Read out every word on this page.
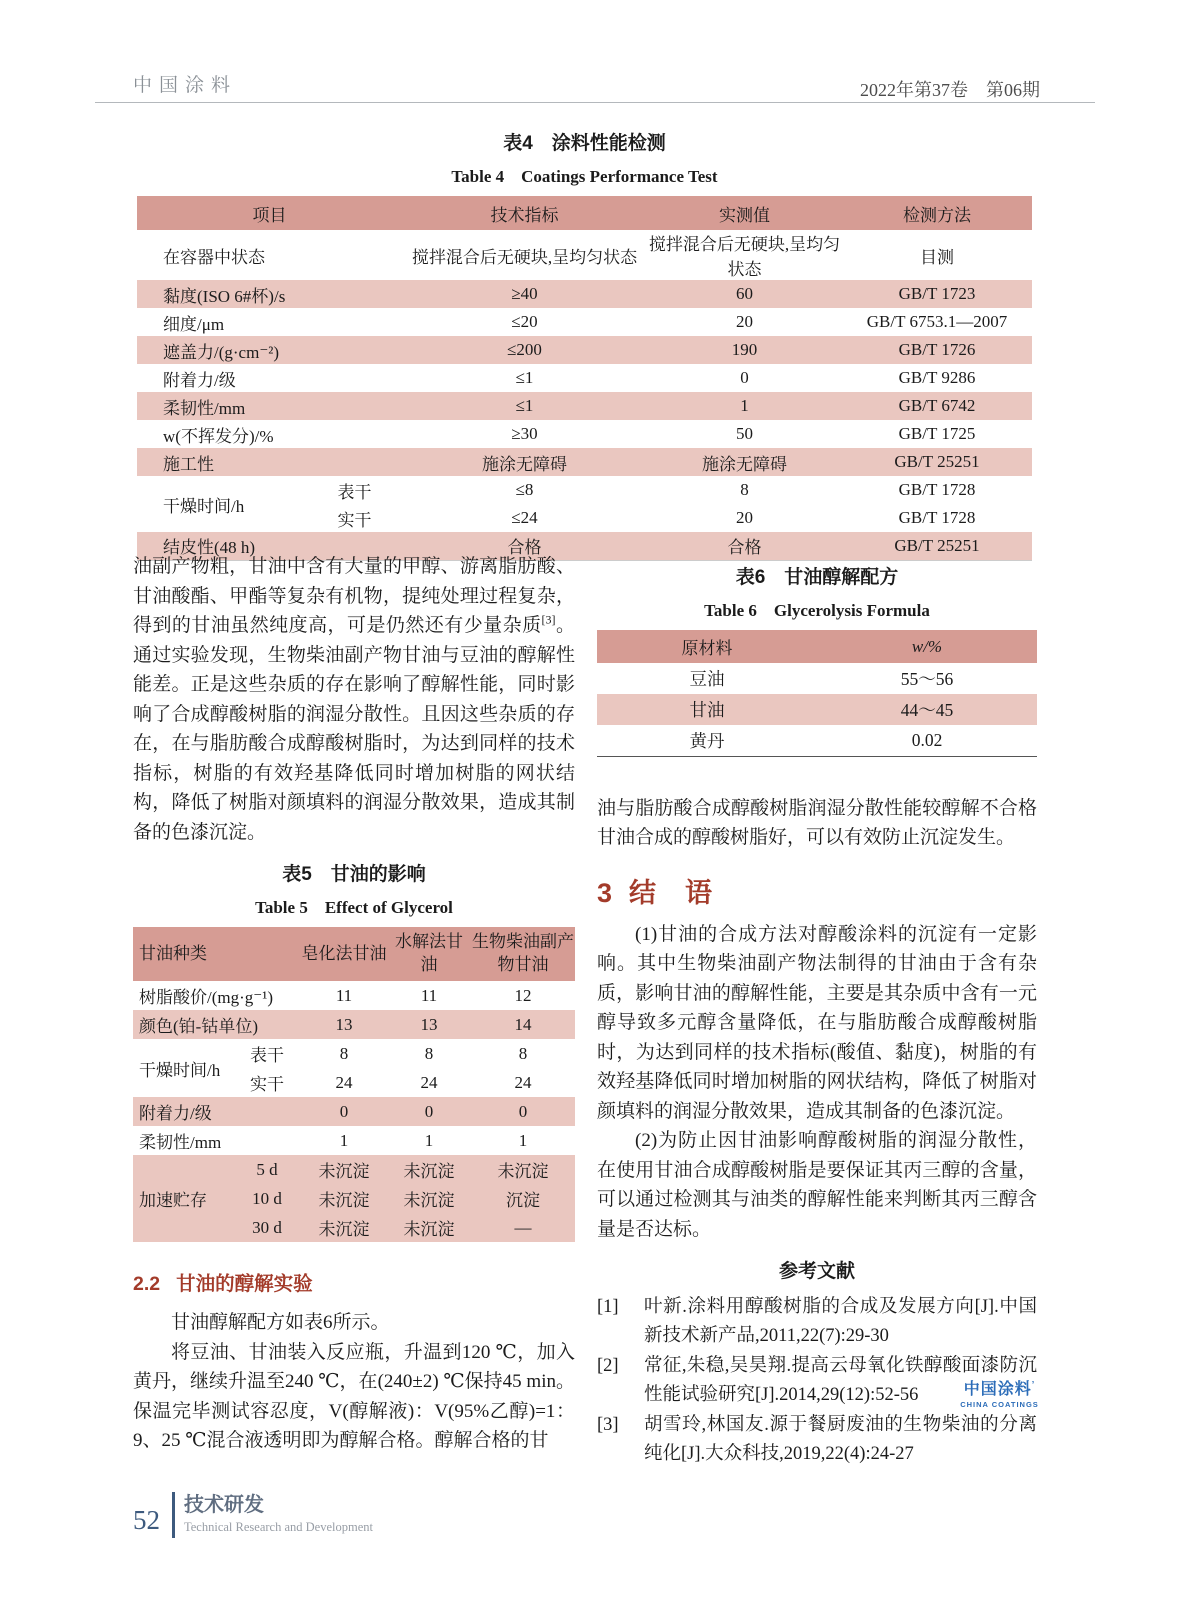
中国涂料	2022年第37卷　第06期
表4　涂料性能检测
Table 4　Coatings Performance Test
项目		技术指标	实测值	检测方法
在容器中状态		搅拌混合后无硬块,呈均匀状态	搅拌混合后无硬块,呈均匀状态	目测
黏度(ISO 6#杯)/s		≥40	60	GB/T 1723
细度/μm		≤20	20	GB/T 6753.1—2007
遮盖力/(g·cm⁻²)		≤200	190	GB/T 1726
附着力/级		≤1	0	GB/T 9286
柔韧性/mm		≤1	1	GB/T 6742
w(不挥发分)/%		≥30	50	GB/T 1725
施工性		施涂无障碍	施涂无障碍	GB/T 25251
干燥时间/h	表干	≤8	8	GB/T 1728
	实干	≤24	20	GB/T 1728
结皮性(48 h)		合格	合格	GB/T 25251

油副产物粗，甘油中含有大量的甲醇、游离脂肪酸、甘油酸酯、甲酯等复杂有机物，提纯处理过程复杂，得到的甘油虽然纯度高，可是仍然还有少量杂质[3]。通过实验发现，生物柴油副产物甘油与豆油的醇解性能差。正是这些杂质的存在影响了醇解性能，同时影响了合成醇酸树脂的润湿分散性。且因这些杂质的存在，在与脂肪酸合成醇酸树脂时，为达到同样的技术指标，树脂的有效羟基降低同时增加树脂的网状结构，降低了树脂对颜填料的润湿分散效果，造成其制备的色漆沉淀。

表5　甘油的影响
Table 5　Effect of Glycerol
甘油种类		皂化法甘油	水解法甘油	生物柴油副产物甘油
树脂酸价/(mg·g⁻¹)		11	11	12
颜色(铂-钴单位)		13	13	14
干燥时间/h	表干	8	8	8
	实干	24	24	24
附着力/级		0	0	0
柔韧性/mm		1	1	1
加速贮存	5 d	未沉淀	未沉淀	未沉淀
	10 d	未沉淀	未沉淀	沉淀
	30 d	未沉淀	未沉淀	—
2.2 甘油的醇解实验

甘油醇解配方如表6所示。

将豆油、甘油装入反应瓶，升温到120 ℃，加入黄丹，继续升温至240 ℃，在(240±2) ℃保持45 min。保温完毕测试容忍度，V(醇解液)：V(95%乙醇)=1：9、25 ℃混合液透明即为醇解合格。醇解合格的甘

表6　甘油醇解配方
Table 6　Glycerolysis Formula
原材料	w/%
豆油	55～56
甘油	44～45
黄丹	0.02

油与脂肪酸合成醇酸树脂润湿分散性能较醇解不合格甘油合成的醇酸树脂好，可以有效防止沉淀发生。

3 结　语

(1)甘油的合成方法对醇酸涂料的沉淀有一定影响。其中生物柴油副产物法制得的甘油由于含有杂质，影响甘油的醇解性能，主要是其杂质中含有一元醇导致多元醇含量降低，在与脂肪酸合成醇酸树脂时，为达到同样的技术指标(酸值、黏度)，树脂的有效羟基降低同时增加树脂的网状结构，降低了树脂对颜填料的润湿分散效果，造成其制备的色漆沉淀。

(2)为防止因甘油影响醇酸树脂的润湿分散性，在使用甘油合成醇酸树脂是要保证其丙三醇的含量，可以通过检测其与油类的醇解性能来判断其丙三醇含量是否达标。

参考文献
[1] 叶新.涂料用醇酸树脂的合成及发展方向[J].中国新技术新产品,2011,22(7):29-30
[2] 常征,朱稳,吴昊翔.提高云母氧化铁醇酸面漆防沉性能试验研究[J].2014,29(12):52-56
[3] 胡雪玲,林国友.源于餐厨废油的生物柴油的分离纯化[J].大众科技,2019,22(4):24-27
中国涂料’
CHINA COATINGS
52 技术研发
Technical Research and Development
